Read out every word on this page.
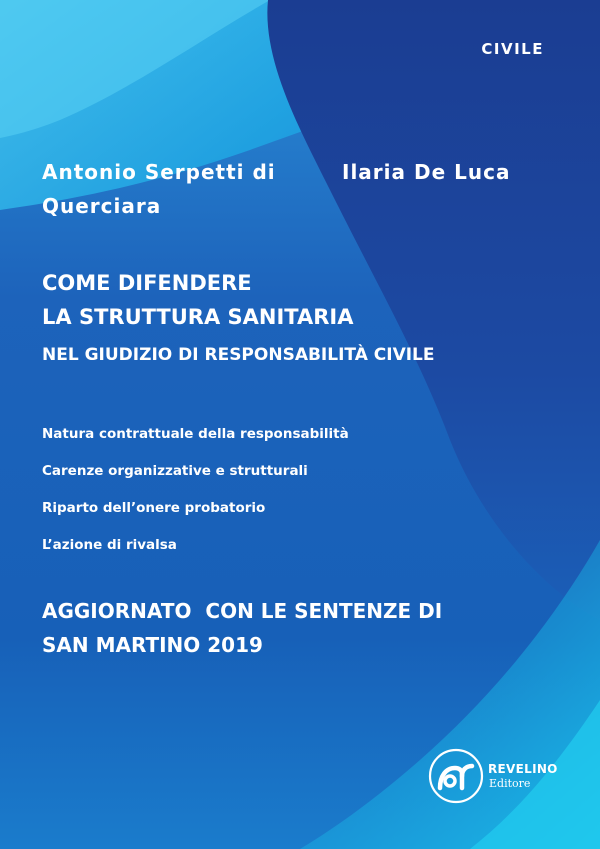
CIVILE
Antonio Serpetti di Querciara
Ilaria De Luca
COME DIFENDERE
LA STRUTTURA SANITARIA
NEL GIUDIZIO DI RESPONSABILITÀ CIVILE
Natura contrattuale della responsabilità
Carenze organizzative e strutturali
Riparto dell’onere probatorio
L’azione di rivalsa
AGGIORNATO  CON LE SENTENZE DI
SAN MARTINO 2019
REVELINO
Editore
